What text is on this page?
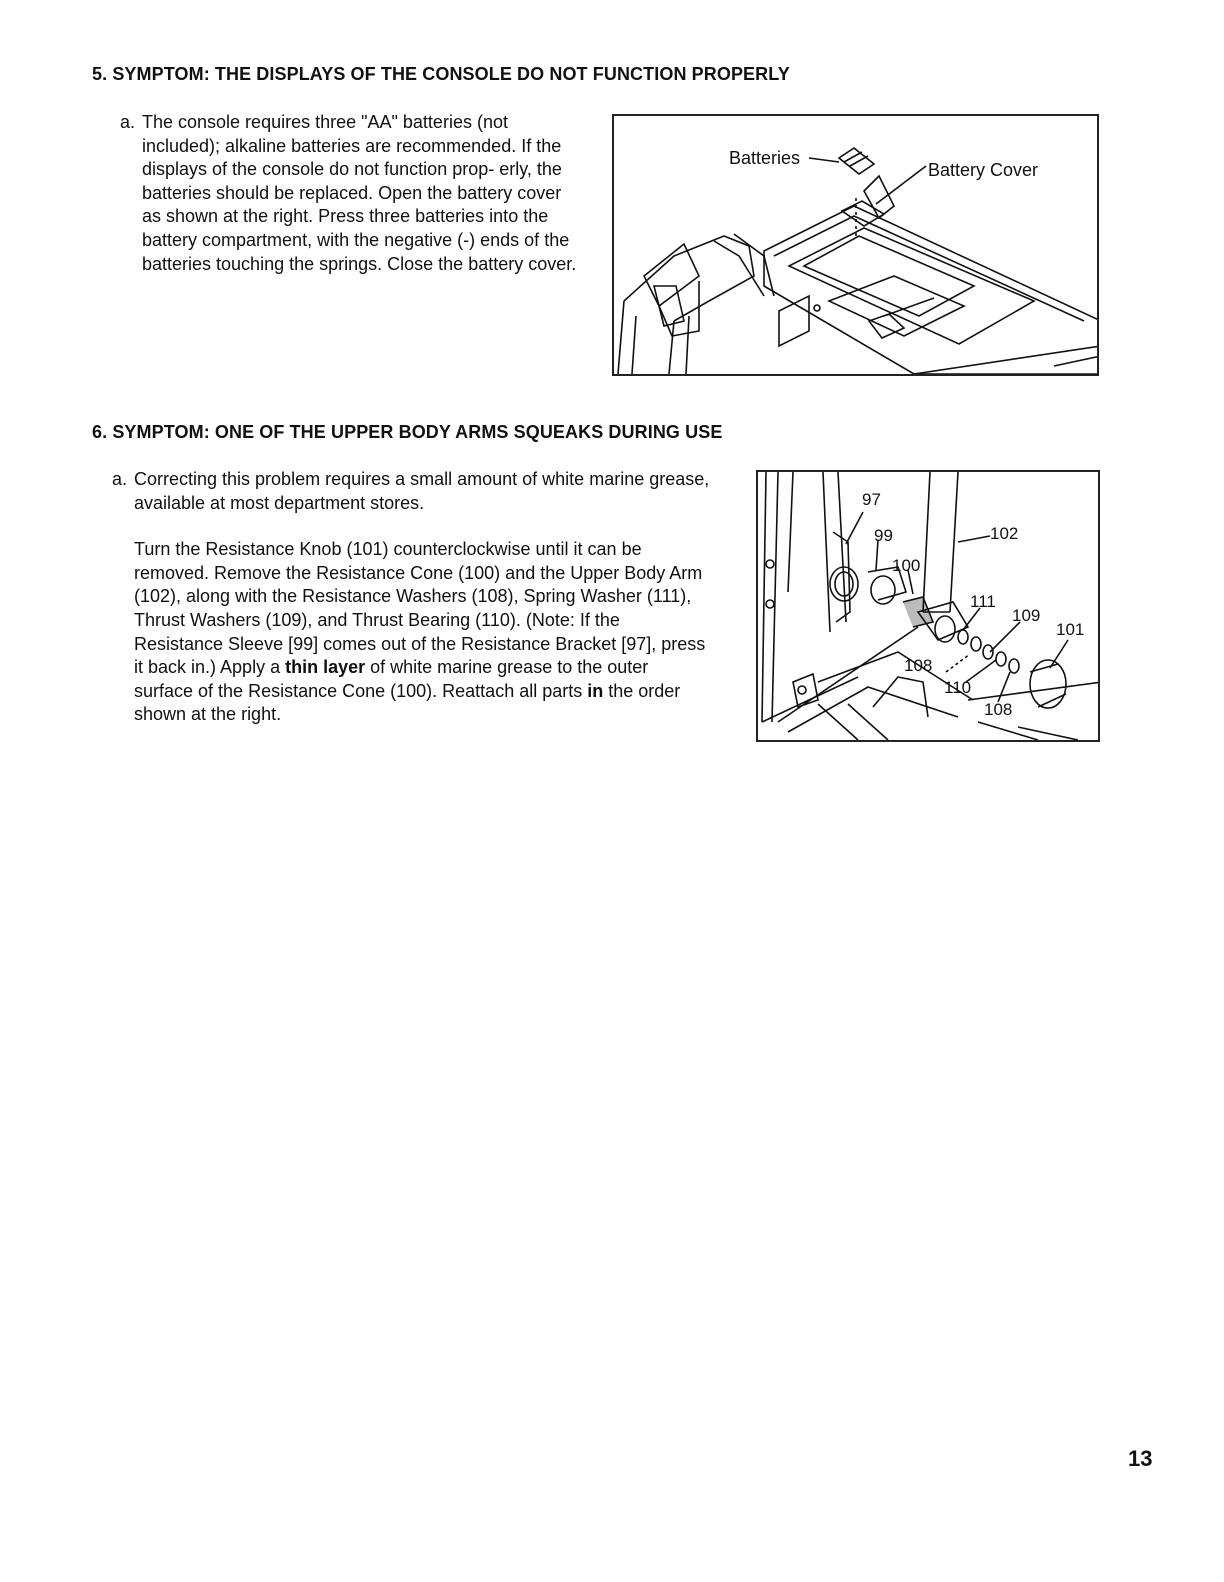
5. SYMPTOM: THE DISPLAYS OF THE CONSOLE DO NOT FUNCTION PROPERLY
a. The console requires three "AA" batteries (not included); alkaline batteries are recommended. If the displays of the console do not function prop- erly, the batteries should be replaced. Open the battery cover as shown at the right. Press three batteries into the battery compartment, with the negative (-) ends of the batteries touching the springs. Close the battery cover.

Batteries
Battery Cover
6. SYMPTOM: ONE OF THE UPPER BODY ARMS SQUEAKS DURING USE
a. Correcting this problem requires a small amount of white marine grease, available at most department stores.

Turn the Resistance Knob (101) counterclockwise until it can be removed. Remove the Resistance Cone (100) and the Upper Body Arm (102), along with the Resistance Washers (108), Spring Washer (111), Thrust Washers (109), and Thrust Bearing (110). (Note: If the Resistance Sleeve [99] comes out of the Resistance Bracket [97], press it back in.) Apply a thin layer of white marine grease to the outer surface of the Resistance Cone (100). Reattach all parts in the order shown at the right.

97
99
100
102
111
109
101
108
110
108
13
